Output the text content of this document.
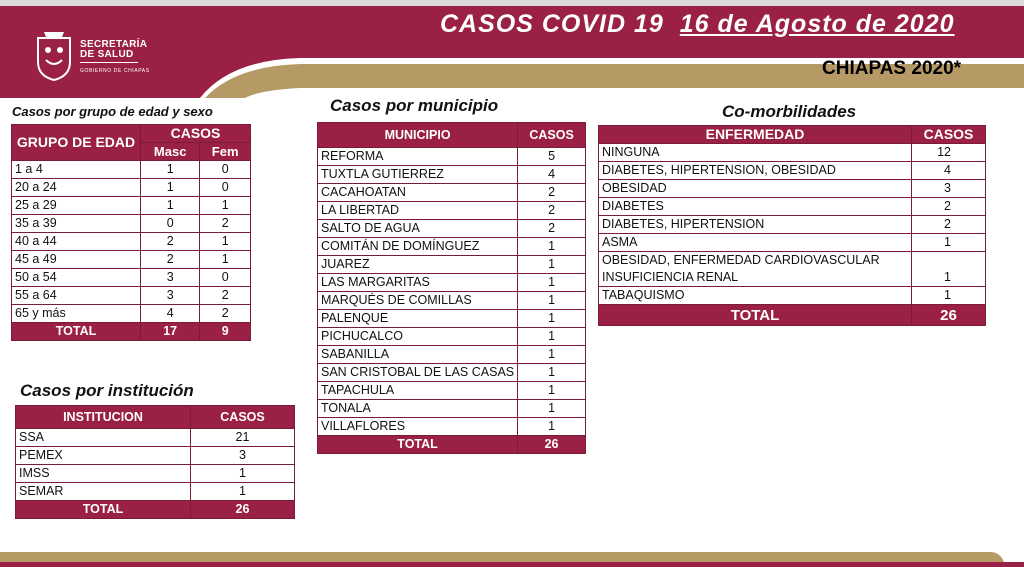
SECRETARÍA
DE SALUD
GOBIERNO DE CHIAPAS
CASOS COVID 19 16 de Agosto de 2020
CHIAPAS 2020*
Casos por grupo de edad y sexo
GRUPO DE EDAD	CASOS	
	Masc	Fem
1 a 4	1	0
20 a 24	1	0
25 a 29	1	1
35 a 39	0	2
40 a 44	2	1
45 a 49	2	1
50 a 54	3	0
55 a 64	3	2
65 y más	4	2
TOTAL	17	9
Casos por institución
INSTITUCION	CASOS
SSA	21
PEMEX	3
IMSS	1
SEMAR	1
TOTAL	26
Casos por municipio
MUNICIPIO	CASOS
REFORMA	5
TUXTLA GUTIERREZ	4
CACAHOATAN	2
LA LIBERTAD	2
SALTO DE AGUA	2
COMITÁN DE DOMÍNGUEZ	1
JUAREZ	1
LAS MARGARITAS	1
MARQUÉS DE COMILLAS	1
PALENQUE	1
PICHUCALCO	1
SABANILLA	1
SAN CRISTOBAL DE LAS CASAS	1
TAPACHULA	1
TONALA	1
VILLAFLORES	1
TOTAL	26
Co-morbilidades
ENFERMEDAD	CASOS
NINGUNA	12
DIABETES, HIPERTENSION, OBESIDAD	4
OBESIDAD	3
DIABETES	2
DIABETES, HIPERTENSION	2
ASMA	1

OBESIDAD, ENFERMEDAD CARDIOVASCULAR
INSUFICIENCIA RENAL	1
TABAQUISMO	1
TOTAL	26
